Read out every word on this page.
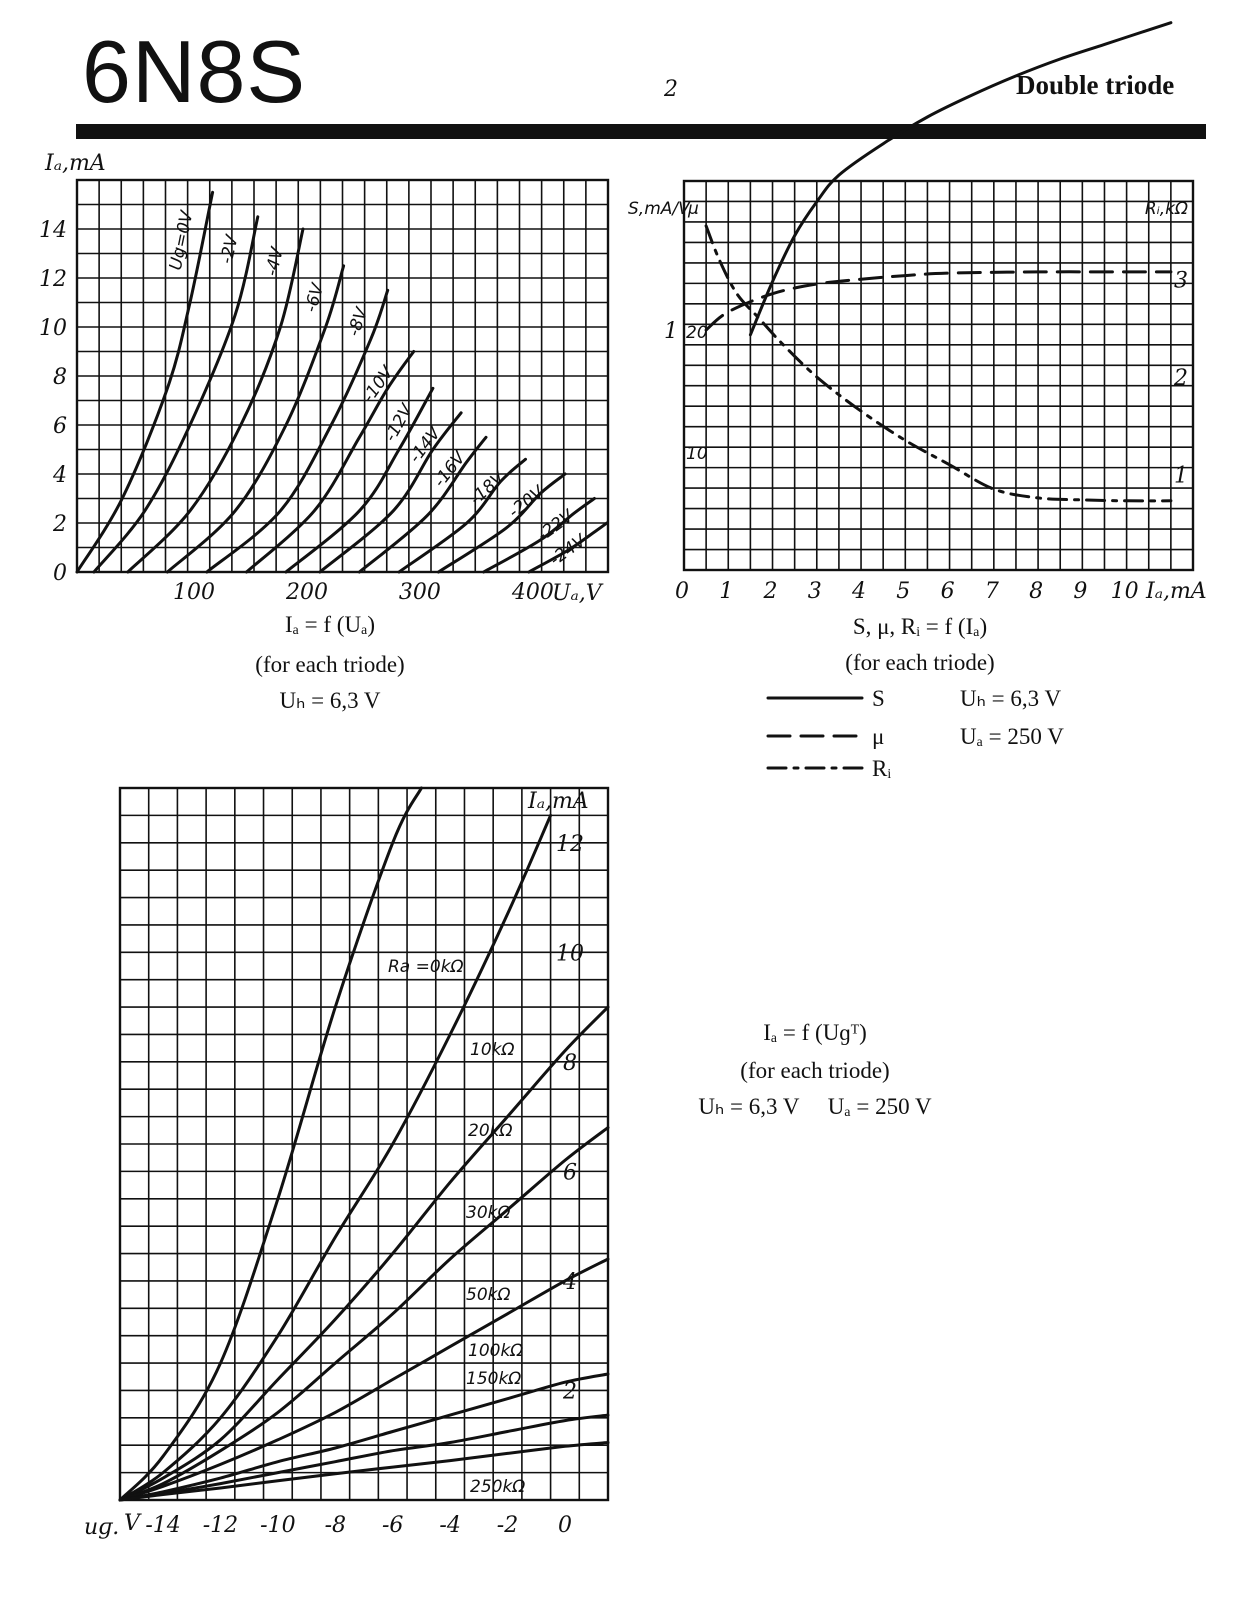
6N8S	Double triode
Ug=0V -2V -4V
-6V
-8V
-10V
-12V
-14V
-16V
-18V
-20V
-22V
-24V
100	200	300	400
0
2
4
6
8
10
12
14
Iₐ,mA
Uₐ,V	0 1 2 3 4 5 6 7 8 9 10
1
2
10
20
1
2
3
S,mA/V
μ	Rᵢ,kΩ
Iₐ,mA
Ra =0kΩ
10kΩ
20kΩ
30kΩ
50kΩ
100kΩ
150kΩ
250kΩ
-14 -12 -10 -8 -6 -4 -2 0
2
4
6
8
10
12
Iₐ,mA
uɡ. V
S
μ
Rᵢ
Uₕ = 6,3 V
Uₐ = 250 V
Iₐ = f (Uₐ)
(for each triode)
Uₕ = 6,3 V
S, μ, Rᵢ = f (Iₐ)
(for each triode)
Iₐ = f (Uɡᵀ)
(for each triode)
Uₕ = 6,3 V     Uₐ = 250 V
